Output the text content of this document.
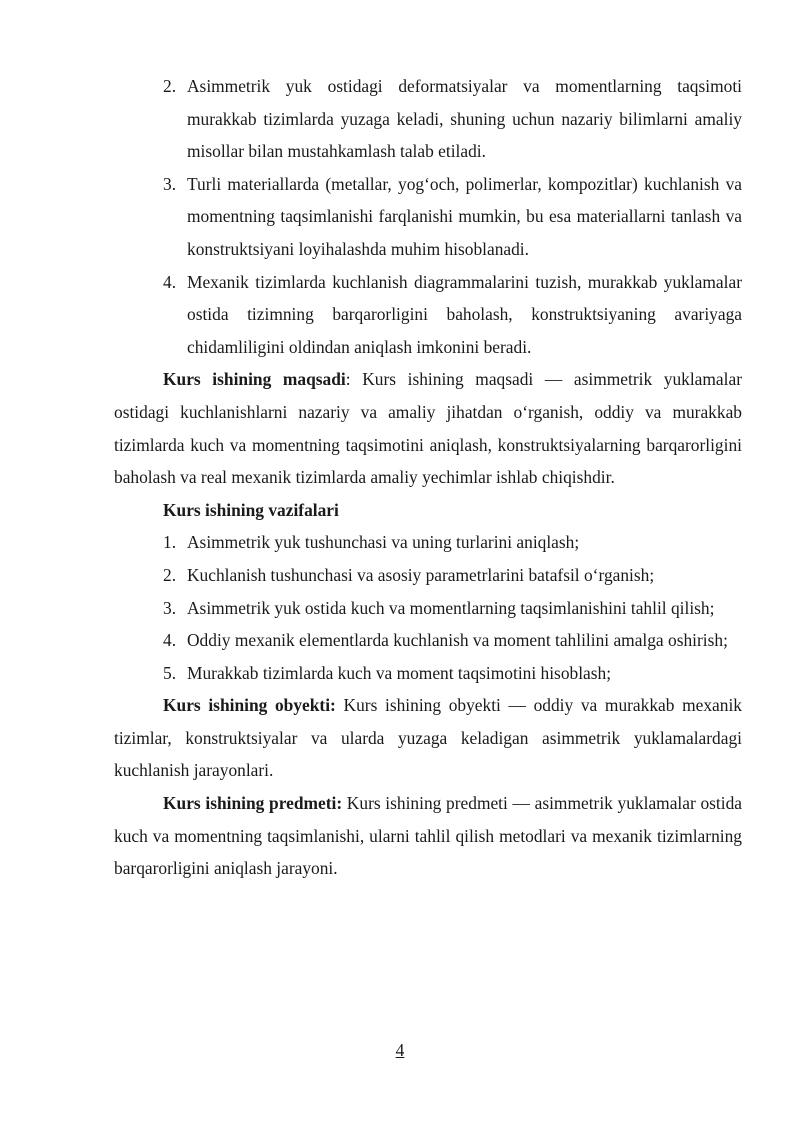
2. Asimmetrik yuk ostidagi deformatsiyalar va momentlarning taqsimoti murakkab tizimlarda yuzaga keladi, shuning uchun nazariy bilimlarni amaliy misollar bilan mustahkamlash talab etiladi.
3. Turli materiallarda (metallar, yog‘och, polimerlar, kompozitlar) kuchlanish va momentning taqsimlanishi farqlanishi mumkin, bu esa materiallarni tanlash va konstruktsiyani loyihalashda muhim hisoblanadi.
4. Mexanik tizimlarda kuchlanish diagrammalarini tuzish, murakkab yuklamalar ostida tizimning barqarorligini baholash, konstruktsiyaning avariyaga chidamliligini oldindan aniqlash imkonini beradi.

Kurs ishining maqsadi: Kurs ishining maqsadi — asimmetrik yuklamalar ostidagi kuchlanishlarni nazariy va amaliy jihatdan o‘rganish, oddiy va murakkab tizimlarda kuch va momentning taqsimotini aniqlash, konstruktsiyalarning barqarorligini baholash va real mexanik tizimlarda amaliy yechimlar ishlab chiqishdir.

Kurs ishining vazifalari

1. Asimmetrik yuk tushunchasi va uning turlarini aniqlash;
2. Kuchlanish tushunchasi va asosiy parametrlarini batafsil o‘rganish;
3. Asimmetrik yuk ostida kuch va momentlarning taqsimlanishini tahlil qilish;
4. Oddiy mexanik elementlarda kuchlanish va moment tahlilini amalga oshirish;
5. Murakkab tizimlarda kuch va moment taqsimotini hisoblash;

Kurs ishining obyekti: Kurs ishining obyekti — oddiy va murakkab mexanik tizimlar, konstruktsiyalar va ularda yuzaga keladigan asimmetrik yuklamalardagi kuchlanish jarayonlari.

Kurs ishining predmeti: Kurs ishining predmeti — asimmetrik yuklamalar ostida kuch va momentning taqsimlanishi, ularni tahlil qilish metodlari va mexanik tizimlarning barqarorligini aniqlash jarayoni.

4
